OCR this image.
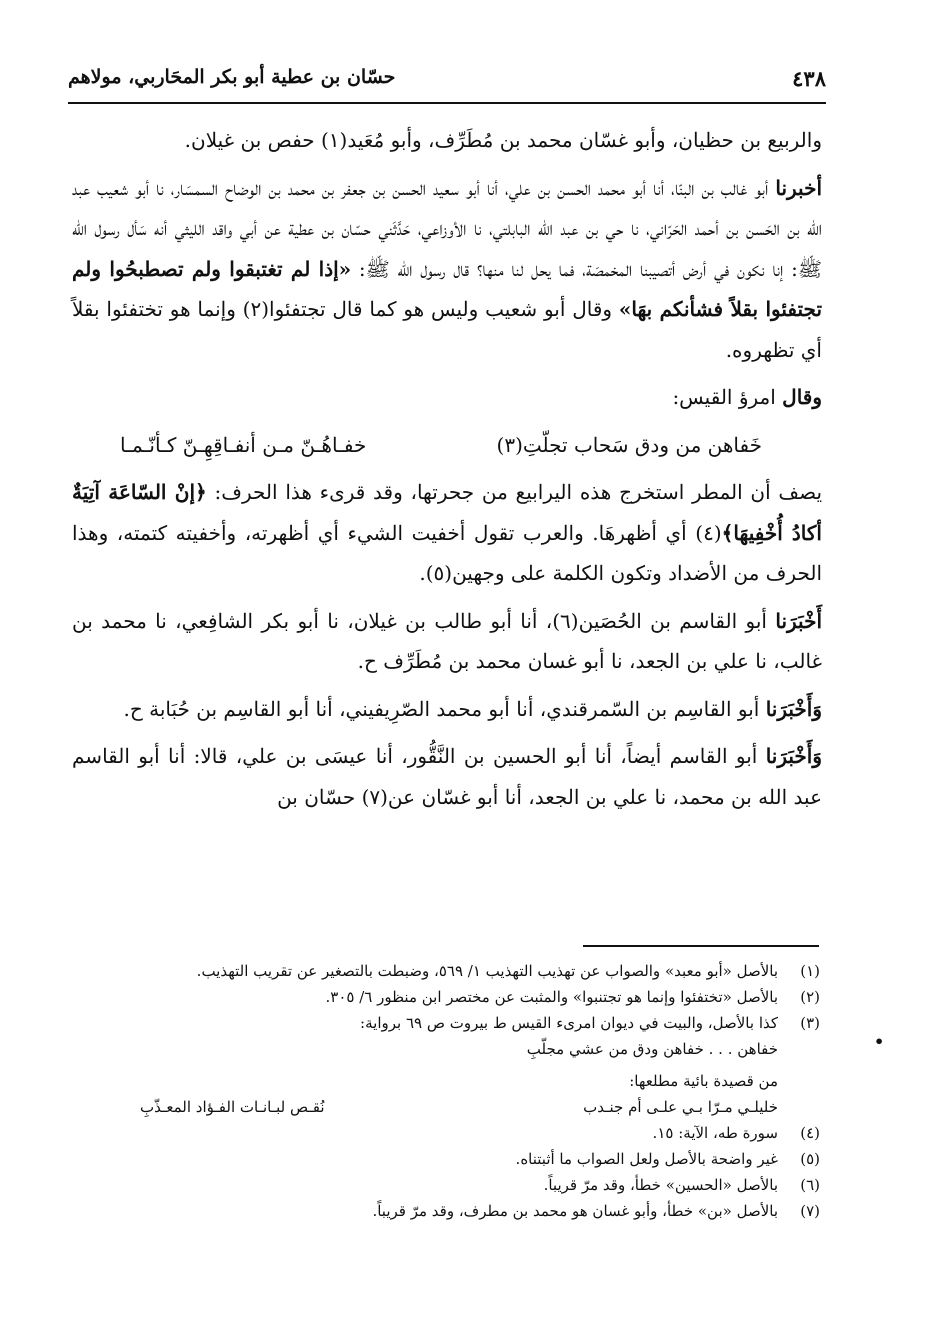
٤٣٨
حسّان بن عطية أبو بكر المحَاربي، مولاهم

والربيع بن حظيان، وأبو غسّان محمد بن مُطَرِّف، وأبو مُعَيد(١) حفص بن غيلان.

أخبرنا أبو غالب بن البنّا، أنا أبو محمد الحسن بن علي، أنا أبو سعيد الحسن بن جعفر بن محمد بن الوضاح السمسَار، نا أبو شعيب عبد الله بن الحَسن بن أحمد الحَرّاني، نا حي بن عبد الله البابلتي، نا الأوزاعي، حَدَّثَني حسّان بن عطية عن أبي واقد الليثي أنه سَأل رسول الله ﷺ: إنا نكون في أرض أتصيبنا المخمصَة، فما يحل لنا منها؟ قال رسول الله ﷺ: «إذا لم تغتبقوا ولم تصطبحُوا ولم تجتفئوا بقلاً فشأنكم بهَا» وقال أبو شعيب وليس هو كما قال تجتفئوا(٢) وإنما هو تختفئوا بقلاً أي تظهروه.

وقال امرؤ القيس:

خفـاهُـنّ مـن أنفـاقِهِـنّ كـأنّـمـا	خَفاهن من ودق سَحاب تجلّتِ(٣)

يصف أن المطر استخرج هذه اليرابيع من جحرتها، وقد قرىء هذا الحرف: ﴿إنْ السّاعَة آتِيَةٌ أكادُ أُخْفِيهَا﴾(٤) أي أظهرهَا. والعرب تقول أخفيت الشيء أي أظهرته، وأخفيته كتمته، وهذا الحرف من الأضداد وتكون الكلمة على وجهين(٥).

أَخْبَرَنا أبو القاسم بن الحُصَين(٦)، أنا أبو طالب بن غيلان، نا أبو بكر الشافِعي، نا محمد بن غالب، نا علي بن الجعد، نا أبو غسان محمد بن مُطَرِّف ح.

وَأَخْبَرَنا أبو القاسِم بن السّمرقندي، أنا أبو محمد الصّرِيفيني، أنا أبو القاسِم بن حُبَابة ح.

وَأَخْبَرَنا أبو القاسم أيضاً، أنا أبو الحسين بن النَّقُّور، أنا عيسَى بن علي، قالا: أنا أبو القاسم عبد الله بن محمد، نا علي بن الجعد، أنا أبو غسّان عن(٧) حسّان بن

(١)
بالأصل «أبو معبد» والصواب عن تهذيب التهذيب ١/ ٥٦٩، وضبطت بالتصغير عن تقريب التهذيب.
(٢)
بالأصل «تختفئوا وإنما هو تجتنبوا» والمثبت عن مختصر ابن منظور ٦/ ٣٠٥.
(٣)
كذا بالأصل، والبيت في ديوان امرىء القيس ط بيروت ص ٦٩ برواية:
خفاهن . . . خفاهن ودق من عشي مجلّبِ
من قصيدة بائية مطلعها:
خليلـي مـرّا بـي علـى أم جنـدب
نُقـص لبـانـات الفـؤاد المعـذّبِ
(٤)
سورة طه، الآية: ١٥.
(٥)
غير واضحة بالأصل ولعل الصواب ما أثبتناه.
(٦)
بالأصل «الحسين» خطأ، وقد مرّ قريباً.
(٧)
بالأصل «بن» خطأ، وأبو غسان هو محمد بن مطرف، وقد مرّ قريباً.
•
